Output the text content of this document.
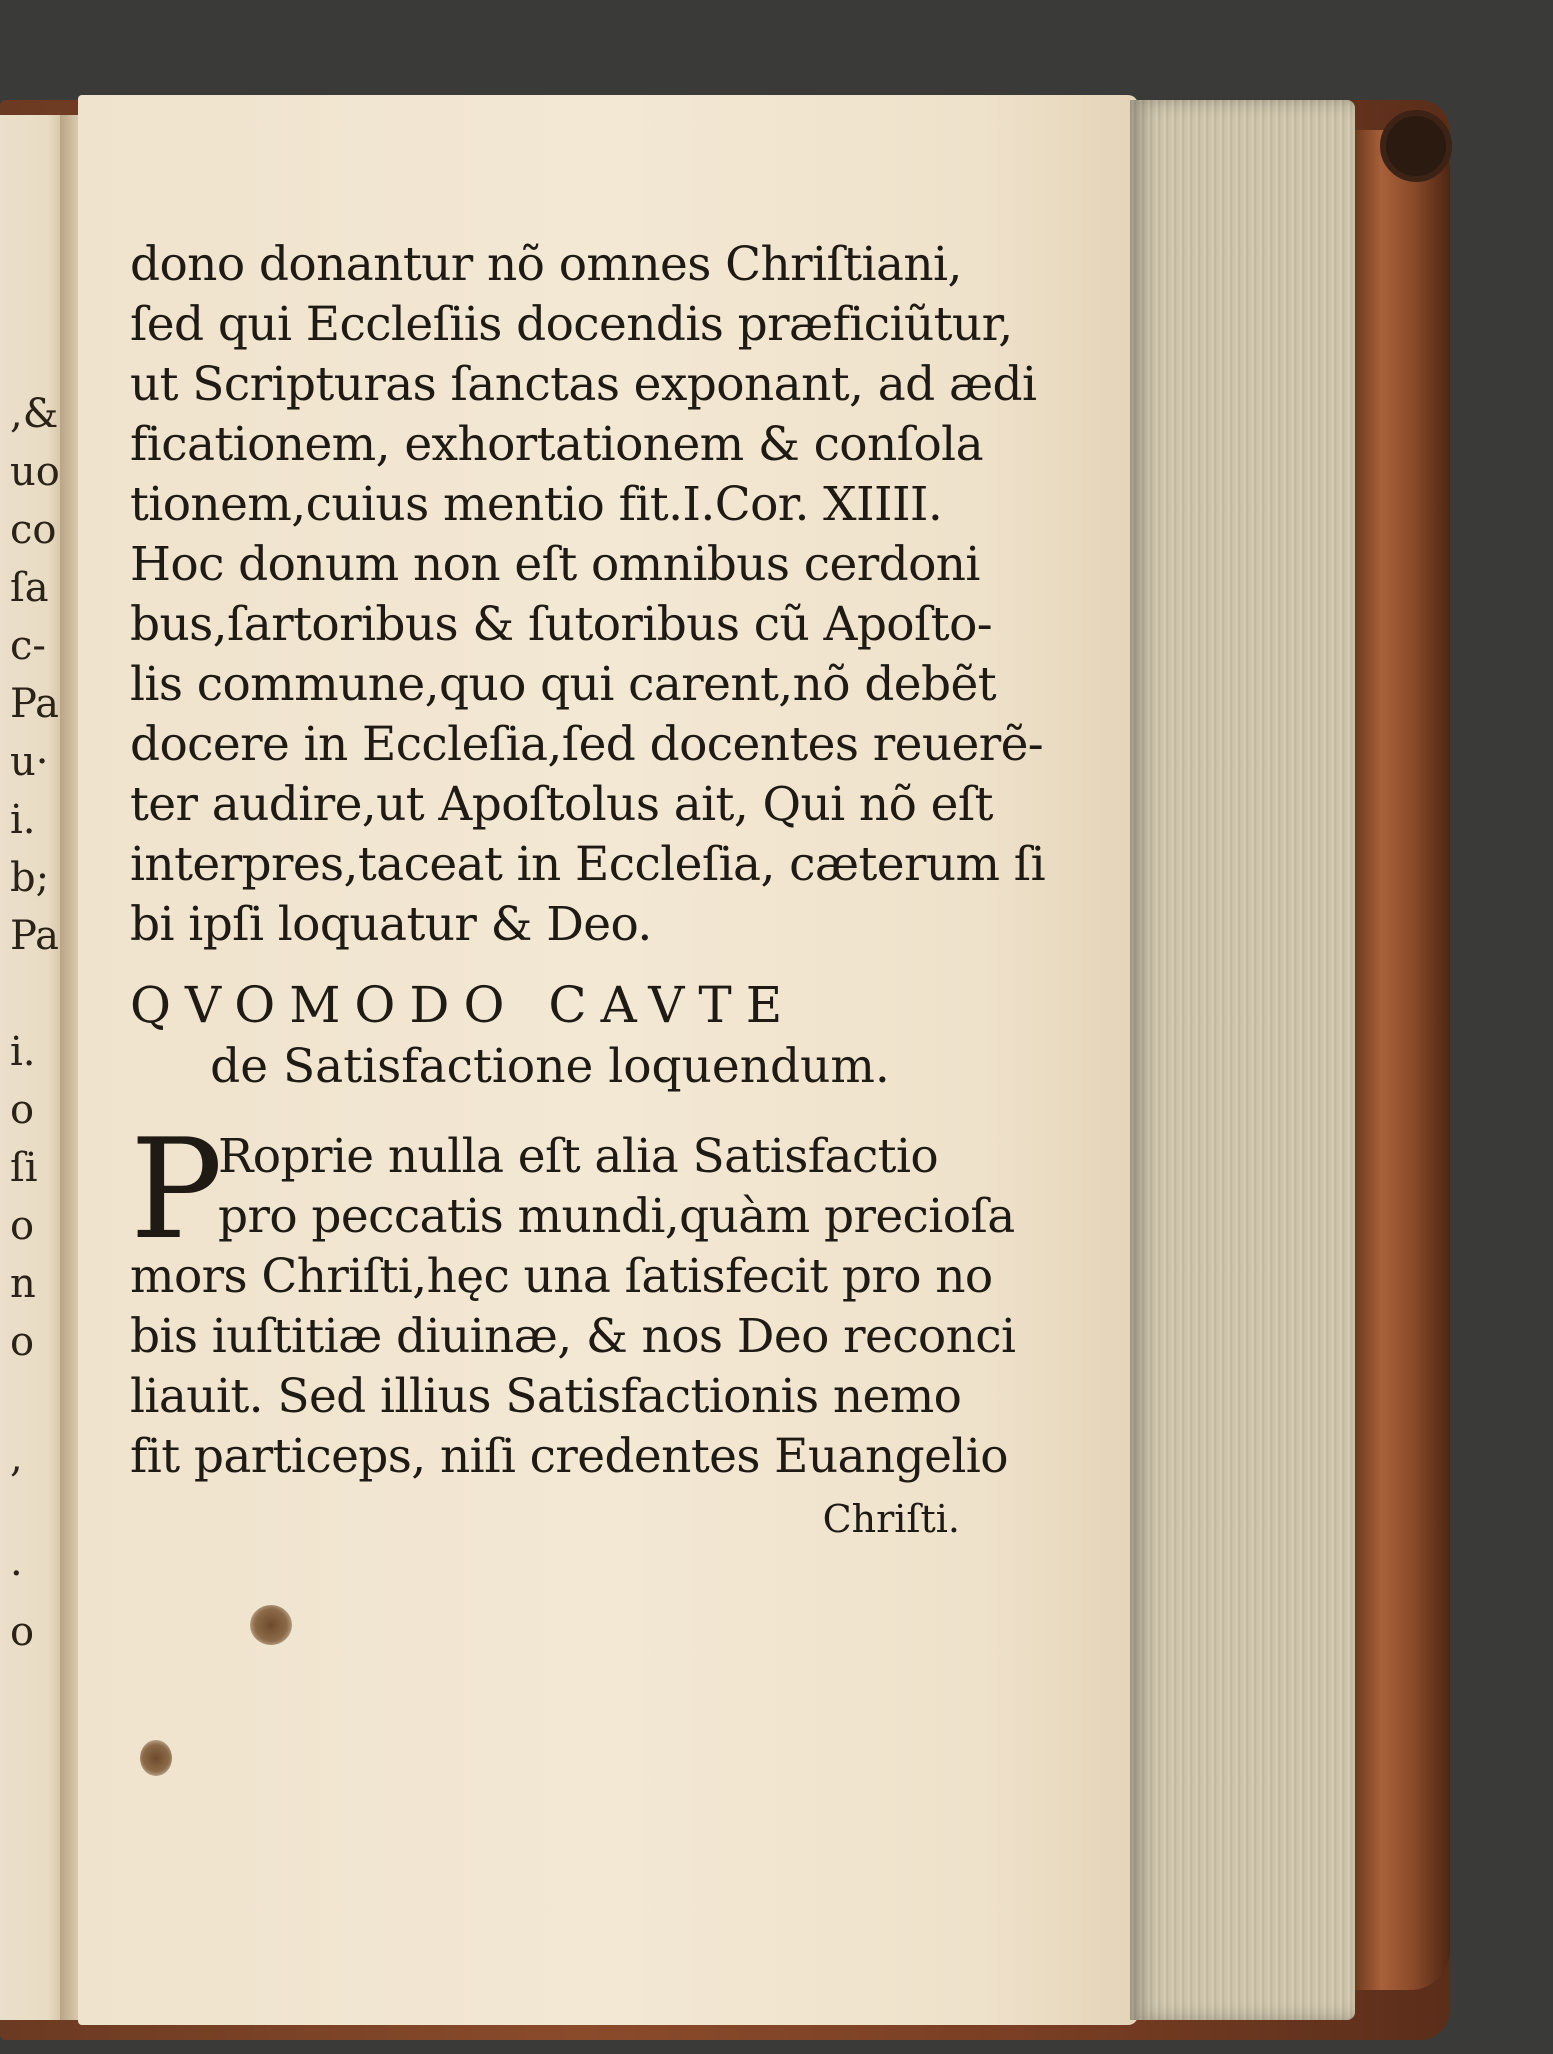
,&
uo
co
ſa
c-
Pa
u·
i.
b;
Pa
i.
o
ſi
o
n
o
,
·
o
dono donantur nõ omnes Chriſtiani,
ſed qui Eccleſiis docendis præficiũtur,
ut Scripturas ſanctas exponant, ad ædi
ficationem, exhortationem & conſola
tionem,cuius mentio fit.I.Cor. XIIII.
Hoc donum non eſt omnibus cerdoni
bus,ſartoribus & ſutoribus cũ Apoſto-
lis commune,quo qui carent,nõ debẽt
docere in Eccleſia,ſed docentes reuerẽ-
ter audire,ut Apoſtolus ait, Qui nõ eſt
interpres,taceat in Eccleſia, cæterum ſi
bi ipſi loquatur & Deo.
QVOMODO CAVTE
de Satisfactione loquendum.
P
Roprie nulla eſt alia Satisfactio
pro peccatis mundi,quàm precioſa
mors Chriſti,hęc una ſatisfecit pro no
bis iuſtitiæ diuinæ, & nos Deo reconci
liauit. Sed illius Satisfactionis nemo
fit particeps, niſi credentes Euangelio
Chriſti.
